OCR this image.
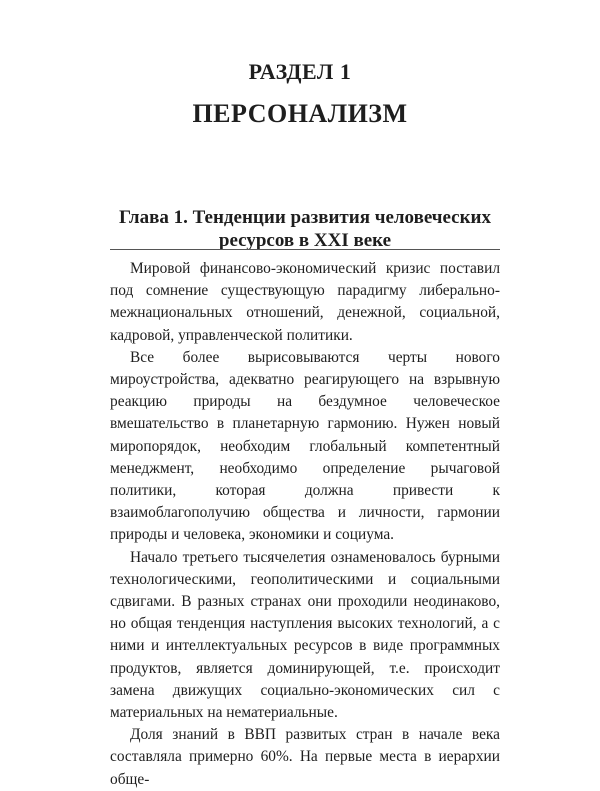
РАЗДЕЛ 1
ПЕРСОНАЛИЗМ
Глава 1. Тенденции развития человеческих
ресурсов в XXI веке

Мировой финансово-экономический кризис поставил под сомнение существующую парадигму либерально-межнациональных отношений, денежной, социальной, кадровой, управленческой политики.

Все более вырисовываются черты нового мироустройства, адекватно реагирующего на взрывную реакцию природы на бездумное человеческое вмешательство в планетарную гармонию. Нужен новый миропорядок, необходим глобальный компетентный менеджмент, необходимо определение рычаговой политики, которая должна привести к взаимоблагополучию общества и личности, гармонии природы и человека, экономики и социума.

Начало третьего тысячелетия ознаменовалось бурными технологическими, геополитическими и социальными сдвигами. В разных странах они проходили неодинаково, но общая тенденция наступления высоких технологий, а с ними и интеллектуальных ресурсов в виде программных продуктов, является доминирующей, т.е. происходит замена движущих социально-экономических сил с материальных на нематериальные.

Доля знаний в ВВП развитых стран в начале века составляла примерно 60%. На первые места в иерархии обще-
